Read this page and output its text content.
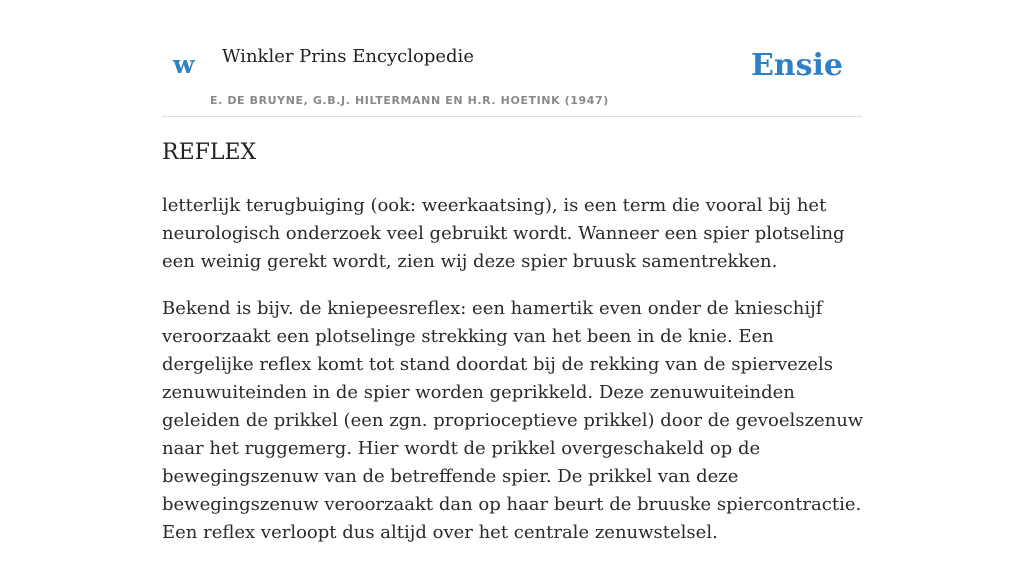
w Winkler Prins Encyclopedie
E. DE BRUYNE, G.B.J. HILTERMANN EN H.R. HOETINK (1947)
Ensie
REFLEX

letterlijk terugbuiging (ook: weerkaatsing), is een term die vooral bij het neurologisch onderzoek veel gebruikt wordt. Wanneer een spier plotseling een weinig gerekt wordt, zien wij deze spier bruusk samentrekken.

Bekend is bijv. de kniepeesreflex: een hamertik even onder de knieschijf veroorzaakt een plotselinge strekking van het been in de knie. Een dergelijke reflex komt tot stand doordat bij de rekking van de spiervezels zenuwuiteinden in de spier worden geprikkeld. Deze zenuwuiteinden geleiden de prikkel (een zgn. proprioceptieve prikkel) door de gevoelszenuw naar het ruggemerg. Hier wordt de prikkel overgeschakeld op de bewegingszenuw van de betreffende spier. De prikkel van deze bewegingszenuw veroorzaakt dan op haar beurt de bruuske spiercontractie. Een reflex verloopt dus altijd over het centrale zenuwstelsel.
